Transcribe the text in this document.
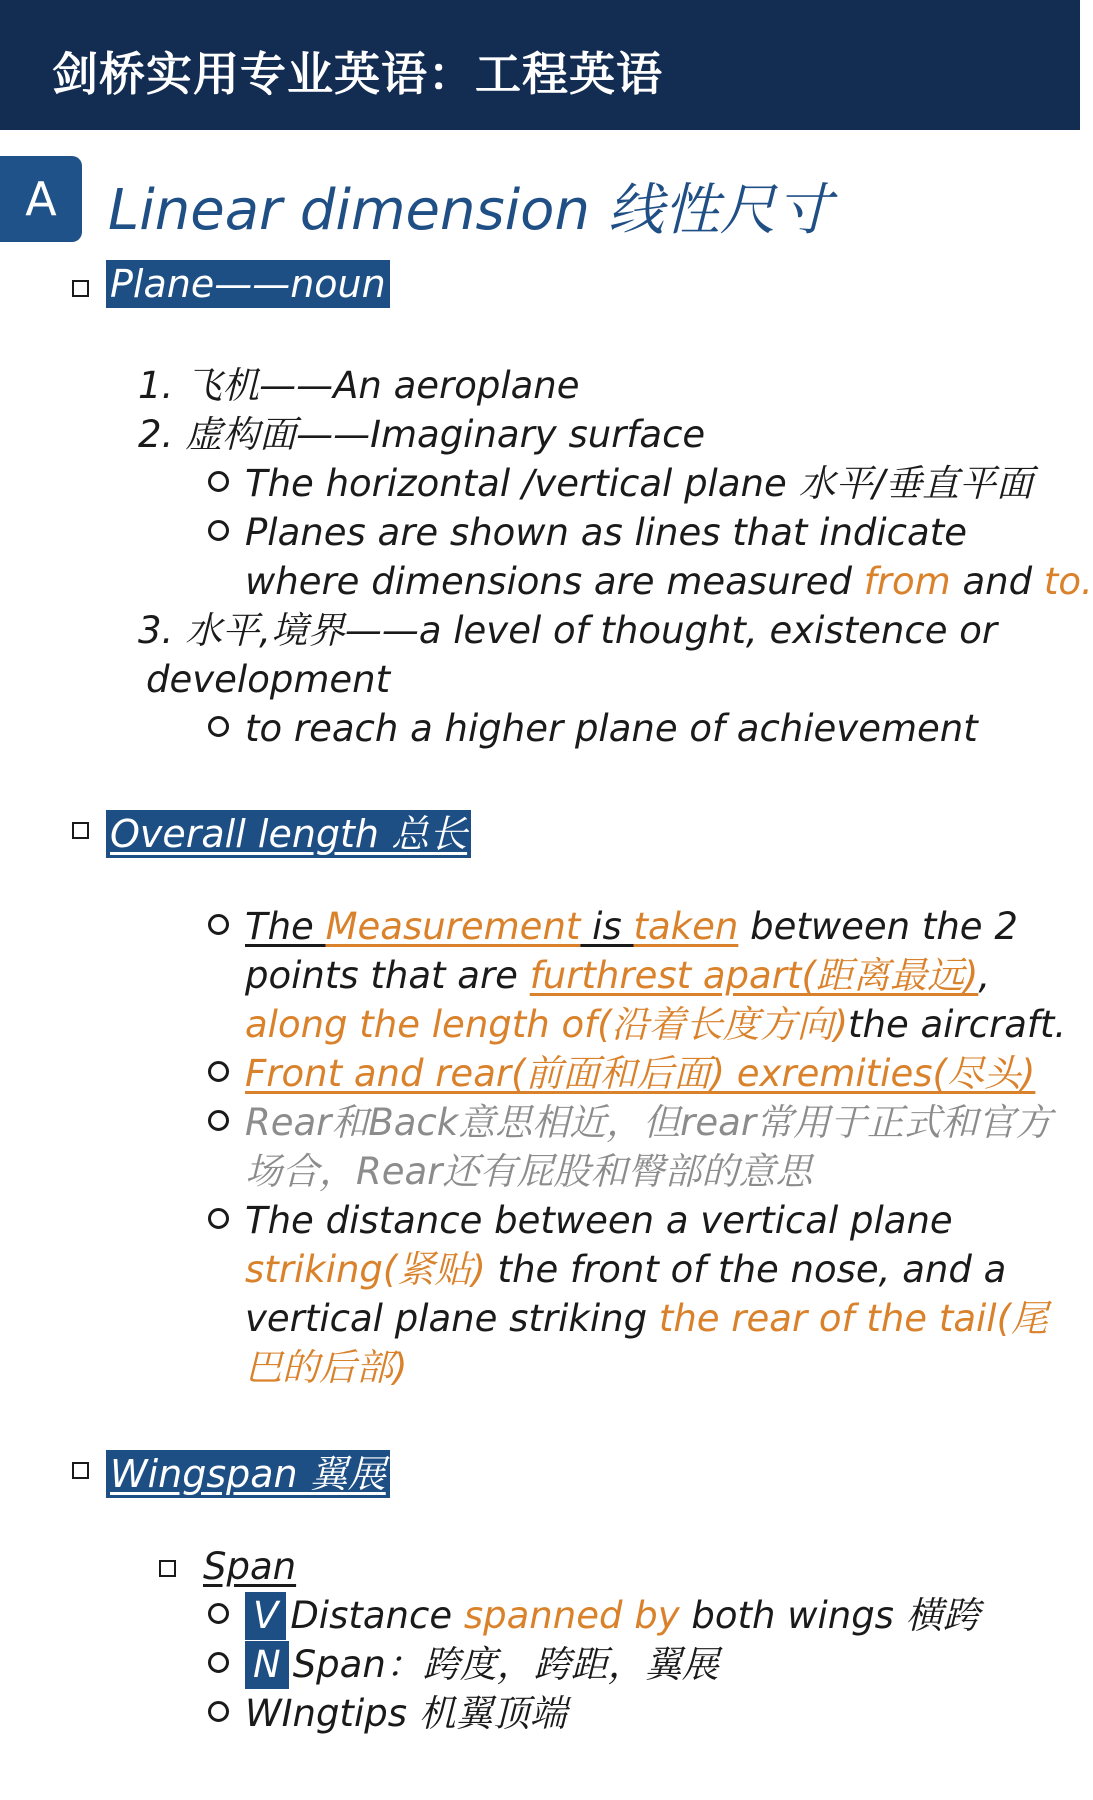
剑桥实用专业英语：工程英语
A Linear dimension 线性尺寸
Plane——noun
1. 飞机——An aeroplane
2. 虚构面——Imaginary surface
The horizontal /vertical plane 水平/垂直平面
Planes are shown as lines that indicate
where dimensions are measured from and to.
3. 水平,境界——a level of thought, existence or
development
to reach a higher plane of achievement
Overall length 总长
The Measurement is taken between the 2
points that are furthrest apart(距离最远),
along the length of(沿着长度方向)the aircraft.
Front and rear(前面和后面) exremities(尽头)
Rear和Back意思相近，但rear常用于正式和官方
场合，Rear还有屁股和臀部的意思
The distance between a vertical plane
striking(紧贴) the front of the nose, and a
vertical plane striking the rear of the tail(尾
巴的后部)
Wingspan 翼展
Span
V Distance spanned by both wings 横跨
N Span：跨度，跨距，翼展
WIngtips 机翼顶端
